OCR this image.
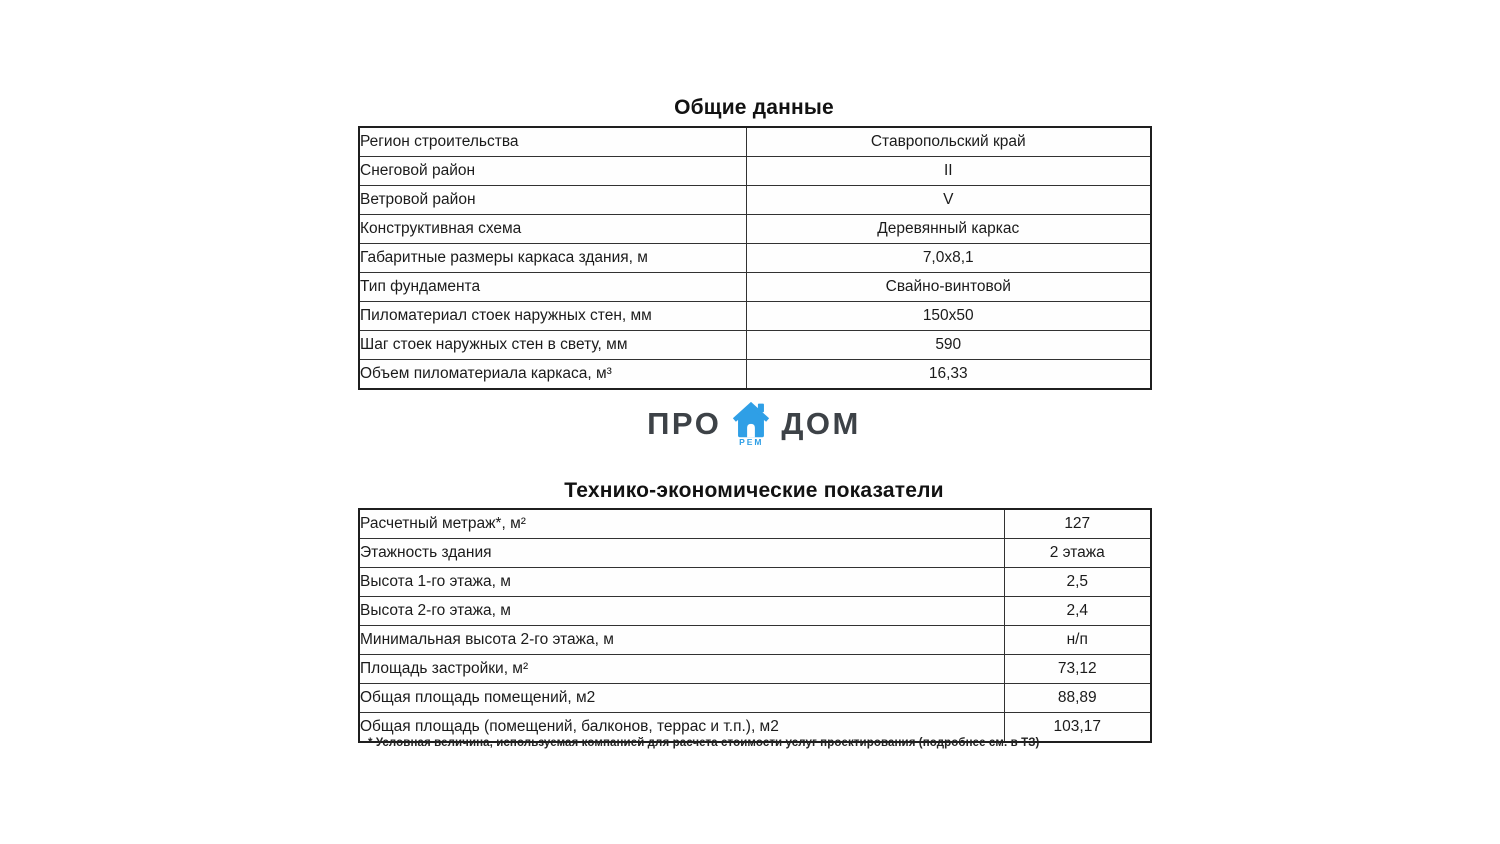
Общие данные
Регион строительства	Ставропольский край
Снеговой район	II
Ветровой район	V
Конструктивная схема	Деревянный каркас
Габаритные размеры каркаса здания, м	7,0х8,1
Тип фундамента	Свайно-винтовой
Пиломатериал стоек наружных стен, мм	150х50
Шаг стоек наружных стен в свету, мм	590
Объем пиломатериала каркаса, м³	16,33
ПРО
РЕМ
ДОМ
Технико-экономические показатели
Расчетный метраж*, м²	127
Этажность здания	2 этажа
Высота 1-го этажа, м	2,5
Высота 2-го этажа, м	2,4
Минимальная высота 2-го этажа, м	н/п
Площадь застройки, м²	73,12
Общая площадь помещений, м2	88,89
Общая площадь (помещений, балконов, террас и т.п.), м2	103,17
* Условная величина, используемая компанией для расчета стоимости услуг проектирования (подробнее см. в ТЗ)
